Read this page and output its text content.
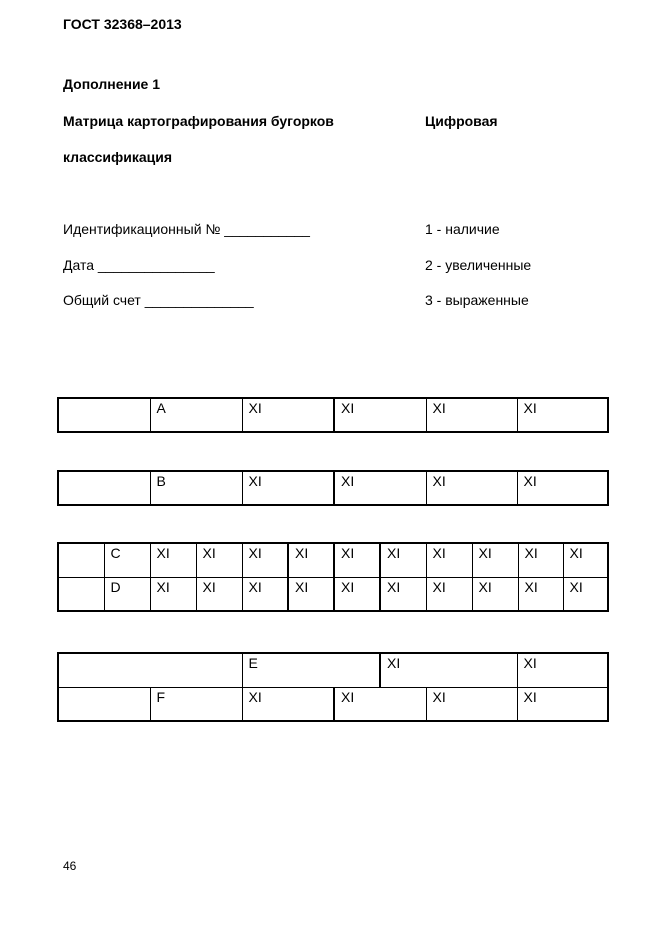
ГОСТ 32368–2013
Дополнение 1
Матрица картографирования бугорков	Цифровая
классификация
Идентификационный № ___________
Дата _______________
Общий счет ______________
1 - наличие
2 - увеличенные
3 - выраженные
	A	XI	XI	XI	XI
	B	XI	XI	XI	XI
	C	XI	XI	XI	XI	XI	XI	XI	XI	XI	XI
	D	XI	XI	XI	XI	XI	XI	XI	XI	XI	XI
		E		XI		XI
	F	XI	XI		XI	XI
46
